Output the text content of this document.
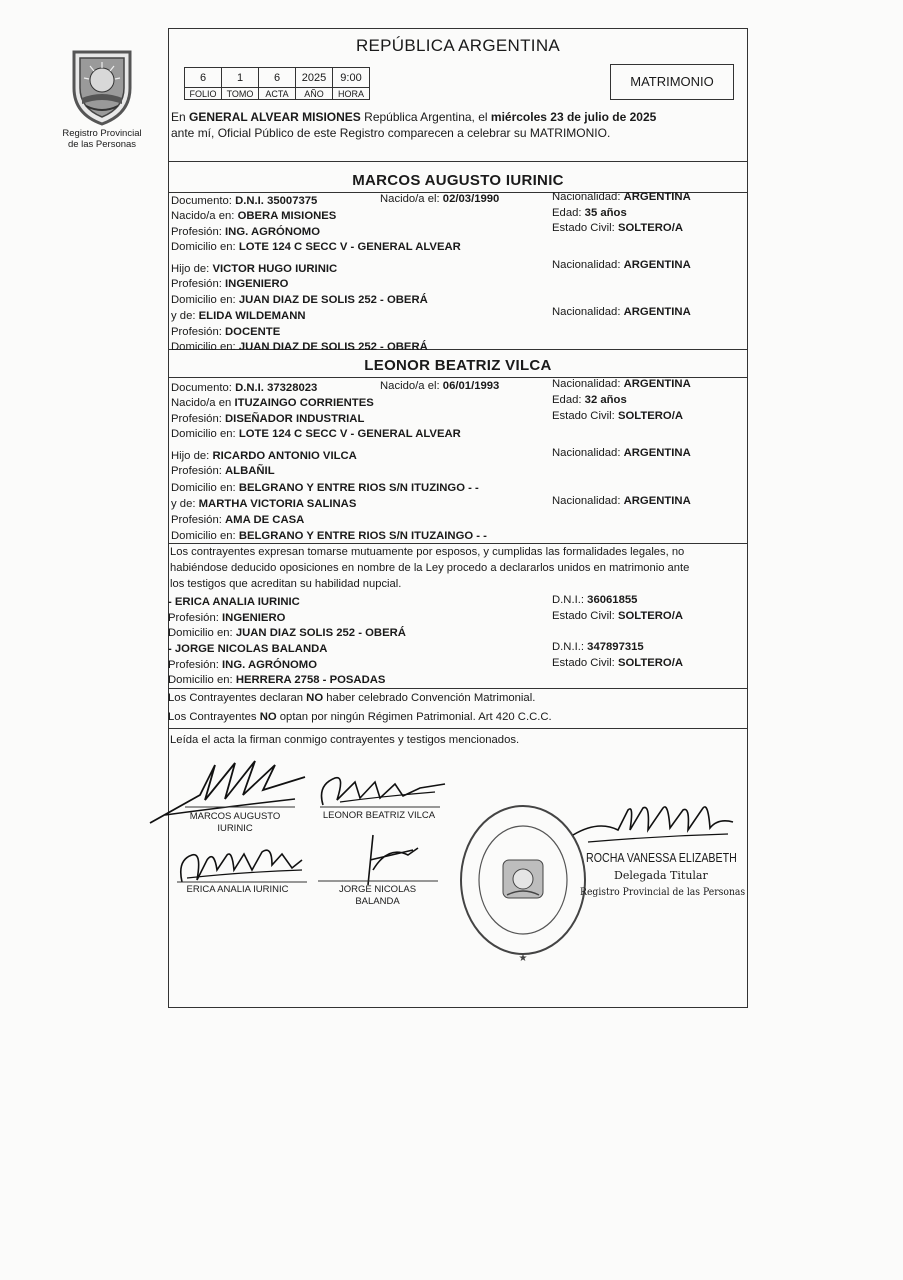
Registro Provincial
de las Personas
REPÚBLICA ARGENTINA
6	1	6	2025	9:00
FOLIO	TOMO	ACTA	AÑO	HORA
MATRIMONIO
En GENERAL ALVEAR MISIONES República Argentina, el miércoles 23 de julio de 2025
ante mí, Oficial Público de este Registro comparecen a celebrar su MATRIMONIO.
MARCOS AUGUSTO IURINIC
Documento: D.N.I. 35007375	Nacido/a el: 02/03/1990	Nacionalidad: ARGENTINA
Nacido/a en: OBERA MISIONES	Edad: 35 años
Profesión: ING. AGRÓNOMO	Estado Civil: SOLTERO/A
Domicilio en: LOTE 124 C SECC V - GENERAL ALVEAR
Hijo de: VICTOR HUGO IURINIC	Nacionalidad: ARGENTINA
Profesión: INGENIERO
Domicilio en: JUAN DIAZ DE SOLIS 252 - OBERÁ
y de: ELIDA WILDEMANN	Nacionalidad: ARGENTINA
Profesión: DOCENTE
Domicilio en: JUAN DIAZ DE SOLIS 252 - OBERÁ
LEONOR BEATRIZ VILCA
Documento: D.N.I. 37328023	Nacido/a el: 06/01/1993	Nacionalidad: ARGENTINA
Nacido/a en ITUZAINGO CORRIENTES	Edad: 32 años
Profesión: DISEÑADOR INDUSTRIAL	Estado Civil: SOLTERO/A
Domicilio en: LOTE 124 C SECC V - GENERAL ALVEAR
Hijo de: RICARDO ANTONIO VILCA	Nacionalidad: ARGENTINA
Profesión: ALBAÑIL
Domicilio en: BELGRANO Y ENTRE RIOS S/N ITUZINGO - -
y de: MARTHA VICTORIA SALINAS	Nacionalidad: ARGENTINA
Profesión: AMA DE CASA
Domicilio en: BELGRANO Y ENTRE RIOS S/N ITUZAINGO - -
Los contrayentes expresan tomarse mutuamente por esposos, y cumplidas las formalidades legales, no
habiéndose deducido oposiciones en nombre de la Ley procedo a declararlos unidos en matrimonio ante
los testigos que acreditan su habilidad nupcial.
- ERICA ANALIA IURINIC	D.N.I.: 36061855
Profesión: INGENIERO	Estado Civil: SOLTERO/A
Domicilio en: JUAN DIAZ SOLIS 252 - OBERÁ
- JORGE NICOLAS BALANDA	D.N.I.: 347897315
Profesión: ING. AGRÓNOMO	Estado Civil: SOLTERO/A
Domicilio en: HERRERA 2758 - POSADAS
Los Contrayentes declaran NO haber celebrado Convención Matrimonial.
Los Contrayentes NO optan por ningún Régimen Patrimonial. Art 420 C.C.C.
Leída el acta la firman conmigo contrayentes y testigos mencionados.
MARCOS AUGUSTO
IURINIC
LEONOR BEATRIZ VILCA
ERICA ANALIA IURINIC	JORGE NICOLAS
BALANDA
★
ROCHA VANESSA ELIZABETH
Delegada Titular
Registro Provincial de las Personas
